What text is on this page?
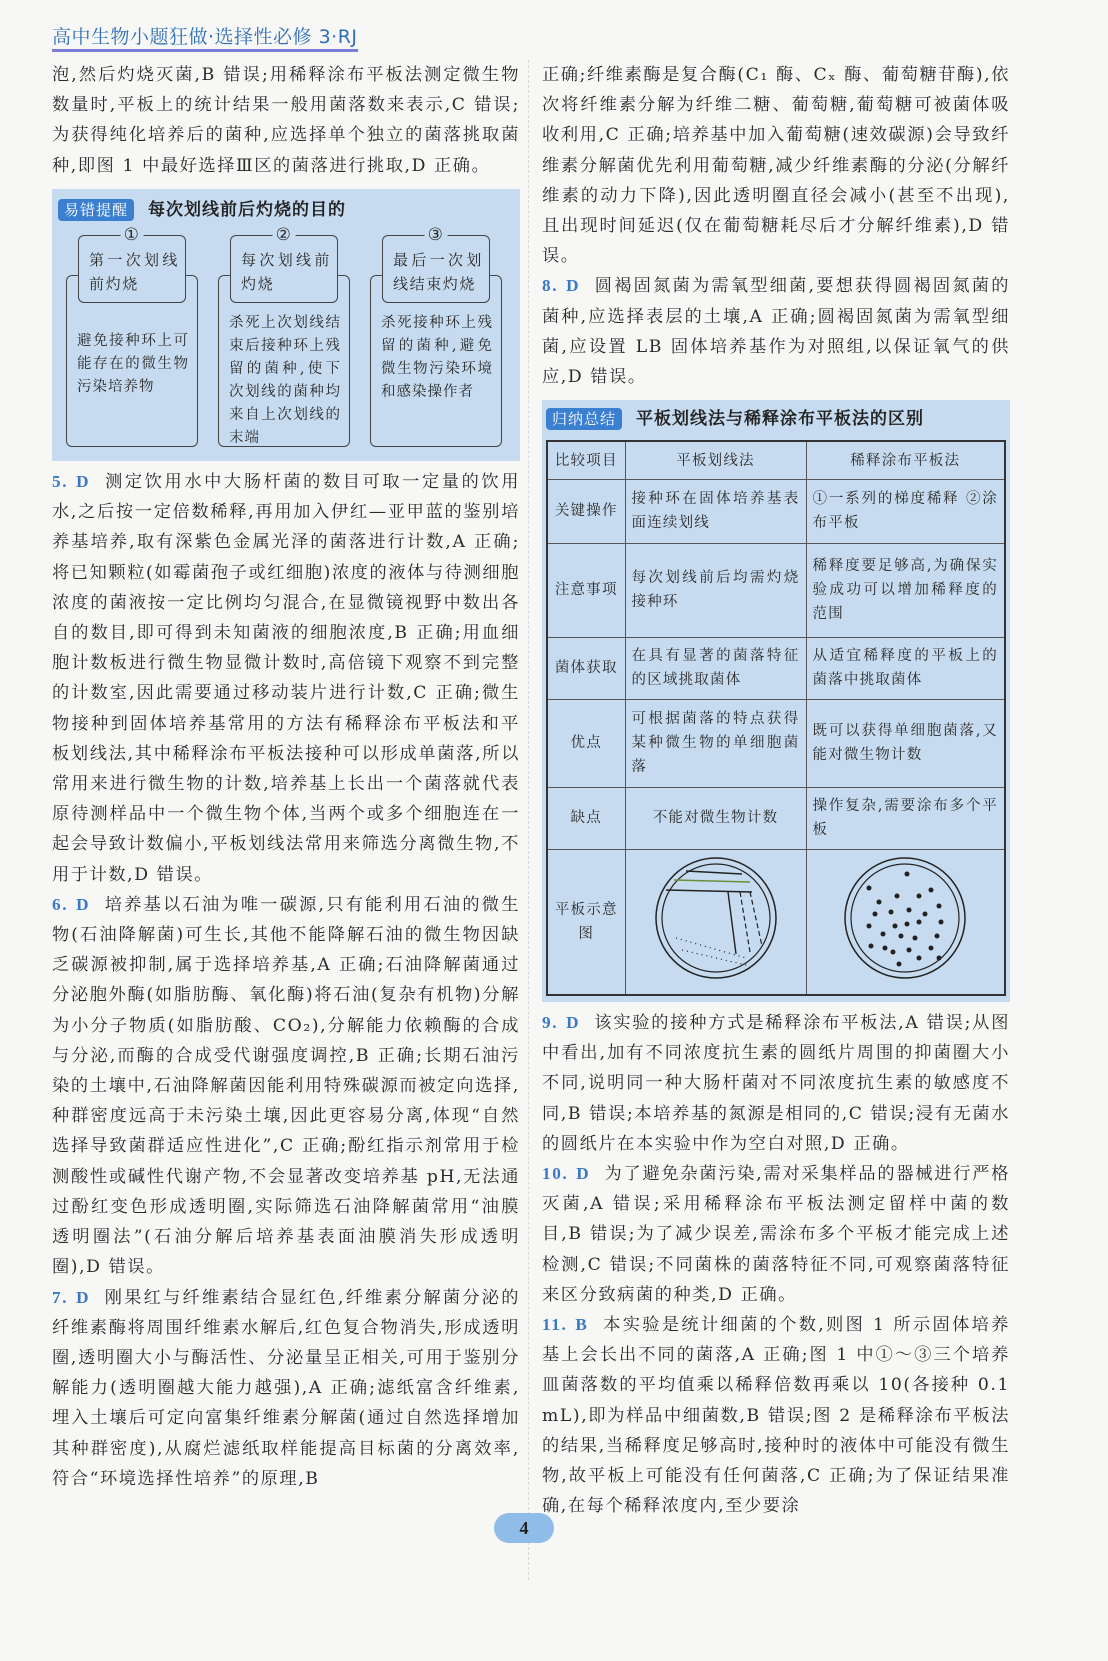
高中生物小题狂做·选择性必修 3·RJ

泡,然后灼烧灭菌,B 错误;用稀释涂布平板法测定微生物数量时,平板上的统计结果一般用菌落数来表示,C 错误;为获得纯化培养后的菌种,应选择单个独立的菌落挑取菌种,即图 1 中最好选择Ⅲ区的菌落进行挑取,D 正确。

易错提醒	每次划线前后灼烧的目的
①
第一次划线前灼烧
避免接种环上可能存在的微生物污染培养物
②
每次划线前灼烧
杀死上次划线结束后接种环上残留的菌种,使下次划线的菌种均来自上次划线的末端
③
最后一次划线结束灼烧
杀死接种环上残留的菌种,避免微生物污染环境和感染操作者

5. D 测定饮用水中大肠杆菌的数目可取一定量的饮用水,之后按一定倍数稀释,再用加入伊红—亚甲蓝的鉴别培养基培养,取有深紫色金属光泽的菌落进行计数,A 正确;将已知颗粒(如霉菌孢子或红细胞)浓度的液体与待测细胞浓度的菌液按一定比例均匀混合,在显微镜视野中数出各自的数目,即可得到未知菌液的细胞浓度,B 正确;用血细胞计数板进行微生物显微计数时,高倍镜下观察不到完整的计数室,因此需要通过移动装片进行计数,C 正确;微生物接种到固体培养基常用的方法有稀释涂布平板法和平板划线法,其中稀释涂布平板法接种可以形成单菌落,所以常用来进行微生物的计数,培养基上长出一个菌落就代表原待测样品中一个微生物个体,当两个或多个细胞连在一起会导致计数偏小,平板划线法常用来筛选分离微生物,不用于计数,D 错误。

6. D 培养基以石油为唯一碳源,只有能利用石油的微生物(石油降解菌)可生长,其他不能降解石油的微生物因缺乏碳源被抑制,属于选择培养基,A 正确;石油降解菌通过分泌胞外酶(如脂肪酶、氧化酶)将石油(复杂有机物)分解为小分子物质(如脂肪酸、CO₂),分解能力依赖酶的合成与分泌,而酶的合成受代谢强度调控,B 正确;长期石油污染的土壤中,石油降解菌因能利用特殊碳源而被定向选择,种群密度远高于未污染土壤,因此更容易分离,体现“自然选择导致菌群适应性进化”,C 正确;酚红指示剂常用于检测酸性或碱性代谢产物,不会显著改变培养基 pH,无法通过酚红变色形成透明圈,实际筛选石油降解菌常用“油膜透明圈法”(石油分解后培养基表面油膜消失形成透明圈),D 错误。

7. D 刚果红与纤维素结合显红色,纤维素分解菌分泌的纤维素酶将周围纤维素水解后,红色复合物消失,形成透明圈,透明圈大小与酶活性、分泌量呈正相关,可用于鉴别分解能力(透明圈越大能力越强),A 正确;滤纸富含纤维素,埋入土壤后可定向富集纤维素分解菌(通过自然选择增加其种群密度),从腐烂滤纸取样能提高目标菌的分离效率,符合“环境选择性培养”的原理,B

正确;纤维素酶是复合酶(C₁ 酶、Cₓ 酶、葡萄糖苷酶),依次将纤维素分解为纤维二糖、葡萄糖,葡萄糖可被菌体吸收利用,C 正确;培养基中加入葡萄糖(速效碳源)会导致纤维素分解菌优先利用葡萄糖,减少纤维素酶的分泌(分解纤维素的动力下降),因此透明圈直径会减小(甚至不出现),且出现时间延迟(仅在葡萄糖耗尽后才分解纤维素),D 错误。

8. D 圆褐固氮菌为需氧型细菌,要想获得圆褐固氮菌的菌种,应选择表层的土壤,A 正确;圆褐固氮菌为需氧型细菌,应设置 LB 固体培养基作为对照组,以保证氧气的供应,D 错误。

归纳总结	平板划线法与稀释涂布平板法的区别
比较项目	平板划线法	稀释涂布平板法
关键操作	接种环在固体培养基表面连续划线	①一系列的梯度稀释 ②涂布平板
注意事项	每次划线前后均需灼烧接种环	稀释度要足够高,为确保实验成功可以增加稀释度的范围
菌体获取	在具有显著的菌落特征的区域挑取菌体	从适宜稀释度的平板上的菌落中挑取菌体
优点	可根据菌落的特点获得某种微生物的单细胞菌落	既可以获得单细胞菌落,又能对微生物计数
缺点	不能对微生物计数	操作复杂,需要涂布多个平板
平板示意图		

9. D 该实验的接种方式是稀释涂布平板法,A 错误;从图中看出,加有不同浓度抗生素的圆纸片周围的抑菌圈大小不同,说明同一种大肠杆菌对不同浓度抗生素的敏感度不同,B 错误;本培养基的氮源是相同的,C 错误;浸有无菌水的圆纸片在本实验中作为空白对照,D 正确。

10. D 为了避免杂菌污染,需对采集样品的器械进行严格灭菌,A 错误;采用稀释涂布平板法测定留样中菌的数目,B 错误;为了减少误差,需涂布多个平板才能完成上述检测,C 错误;不同菌株的菌落特征不同,可观察菌落特征来区分致病菌的种类,D 正确。

11. B 本实验是统计细菌的个数,则图 1 所示固体培养基上会长出不同的菌落,A 正确;图 1 中①～③三个培养皿菌落数的平均值乘以稀释倍数再乘以 10(各接种 0.1 mL),即为样品中细菌数,B 错误;图 2 是稀释涂布平板法的结果,当稀释度足够高时,接种时的液体中可能没有微生物,故平板上可能没有任何菌落,C 正确;为了保证结果准确,在每个稀释浓度内,至少要涂

4
